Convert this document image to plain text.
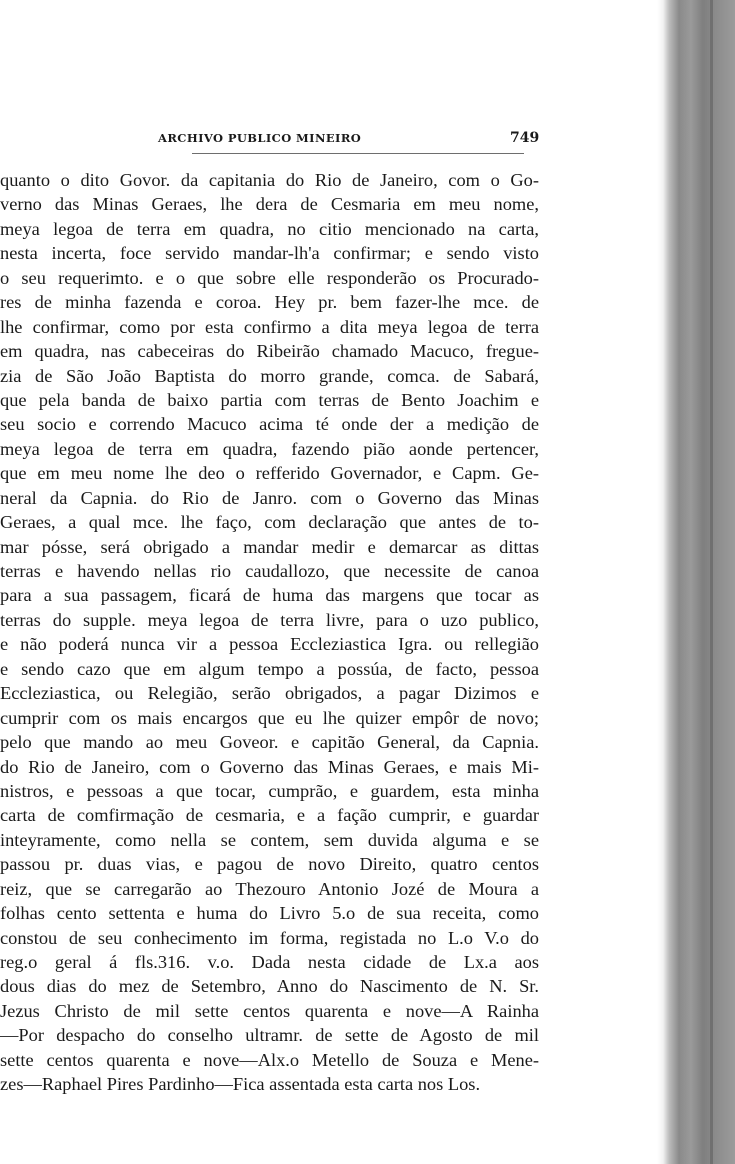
ARCHIVO PUBLICO MINEIRO	749
quanto o dito Govor. da capitania do Rio de Janeiro, com o Go-
verno das Minas Geraes, lhe dera de Cesmaria em meu nome,
meya legoa de terra em quadra, no citio mencionado na carta,
nesta incerta, foce servido mandar-lh'a confirmar; e sendo visto
o seu requerimto. e o que sobre elle responderão os Procurado-
res de minha fazenda e coroa. Hey pr. bem fazer-lhe mce. de
lhe confirmar, como por esta confirmo a dita meya legoa de terra
em quadra, nas cabeceiras do Ribeirão chamado Macuco, fregue-
zia de São João Baptista do morro grande, comca. de Sabará,
que pela banda de baixo partia com terras de Bento Joachim e
seu socio e correndo Macuco acima té onde der a medição de
meya legoa de terra em quadra, fazendo pião aonde pertencer,
que em meu nome lhe deo o refferido Governador, e Capm. Ge-
neral da Capnia. do Rio de Janro. com o Governo das Minas
Geraes, a qual mce. lhe faço, com declaração que antes de to-
mar pósse, será obrigado a mandar medir e demarcar as dittas
terras e havendo nellas rio caudallozo, que necessite de canoa
para a sua passagem, ficará de huma das margens que tocar as
terras do supple. meya legoa de terra livre, para o uzo publico,
e não poderá nunca vir a pessoa Eccleziastica Igra. ou rellegião
e sendo cazo que em algum tempo a possúa, de facto, pessoa
Eccleziastica, ou Relegião, serão obrigados, a pagar Dizimos e
cumprir com os mais encargos que eu lhe quizer empôr de novo;
pelo que mando ao meu Goveor. e capitão General, da Capnia.
do Rio de Janeiro, com o Governo das Minas Geraes, e mais Mi-
nistros, e pessoas a que tocar, cumprão, e guardem, esta minha
carta de comfirmação de cesmaria, e a fação cumprir, e guardar
inteyramente, como nella se contem, sem duvida alguma e se
passou pr. duas vias, e pagou de novo Direito, quatro centos
reiz, que se carregarão ao Thezouro Antonio Jozé de Moura a
folhas cento settenta e huma do Livro 5.o de sua receita, como
constou de seu conhecimento im forma, registada no L.o V.o do
reg.o geral á fls.316. v.o. Dada nesta cidade de Lx.a aos
dous dias do mez de Setembro, Anno do Nascimento de N. Sr.
Jezus Christo de mil sette centos quarenta e nove—A Rainha
—Por despacho do conselho ultramr. de sette de Agosto de mil
sette centos quarenta e nove—Alx.o Metello de Souza e Mene-
zes—Raphael Pires Pardinho—Fica assentada esta carta nos Los.
